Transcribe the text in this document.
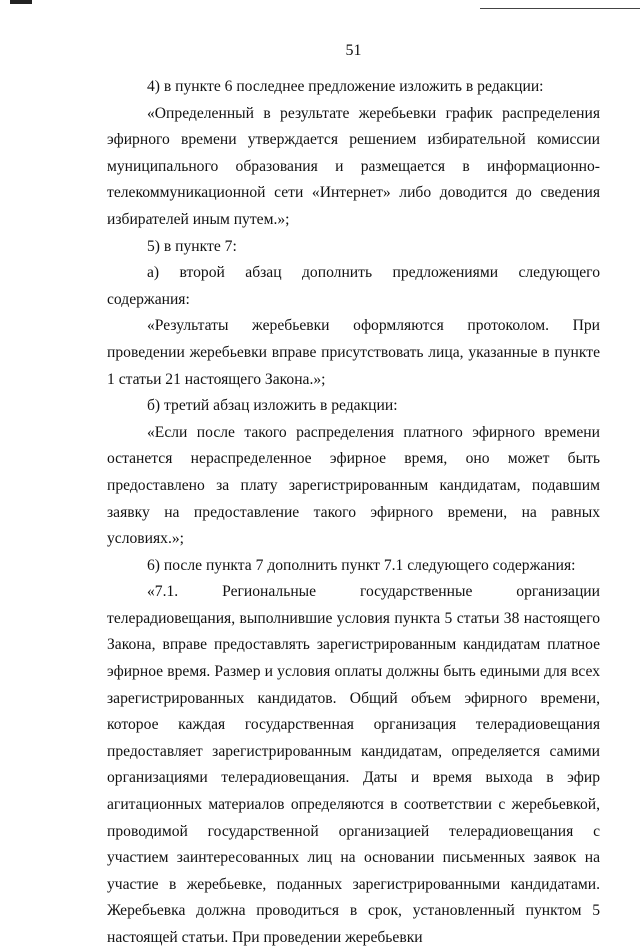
51

4) в пункте 6 последнее предложение изложить в редакции:

«Определенный в результате жеребьевки график распределения эфирного времени утверждается решением избирательной комиссии муниципального образования и размещается в информационно-телекоммуникационной сети «Интернет» либо доводится до сведения избирателей иным путем.»;

5) в пункте 7:

а) второй абзац дополнить предложениями следующего содержания:

«Результаты жеребьевки оформляются протоколом. При проведении жеребьевки вправе присутствовать лица, указанные в пункте 1 статьи 21 настоящего Закона.»;

б) третий абзац изложить в редакции:

«Если после такого распределения платного эфирного времени останется нераспределенное эфирное время, оно может быть предоставлено за плату зарегистрированным кандидатам, подавшим заявку на предоставление такого эфирного времени, на равных условиях.»;

6) после пункта 7 дополнить пункт 7.1 следующего содержания:

«7.1. Региональные государственные организации телерадиовещания, выполнившие условия пункта 5 статьи 38 настоящего Закона, вправе предоставлять зарегистрированным кандидатам платное эфирное время. Размер и условия оплаты должны быть едиными для всех зарегистрированных кандидатов. Общий объем эфирного времени, которое каждая государственная организация телерадиовещания предоставляет зарегистрированным кандидатам, определяется самими организациями телерадиовещания. Даты и время выхода в эфир агитационных материалов определяются в соответствии с жеребьевкой, проводимой государственной организацией телерадиовещания с участием заинтересованных лиц на основании письменных заявок на участие в жеребьевке, поданных зарегистрированными кандидатами. Жеребьевка должна проводиться в срок, установленный пунктом 5 настоящей статьи. При проведении жеребьевки
